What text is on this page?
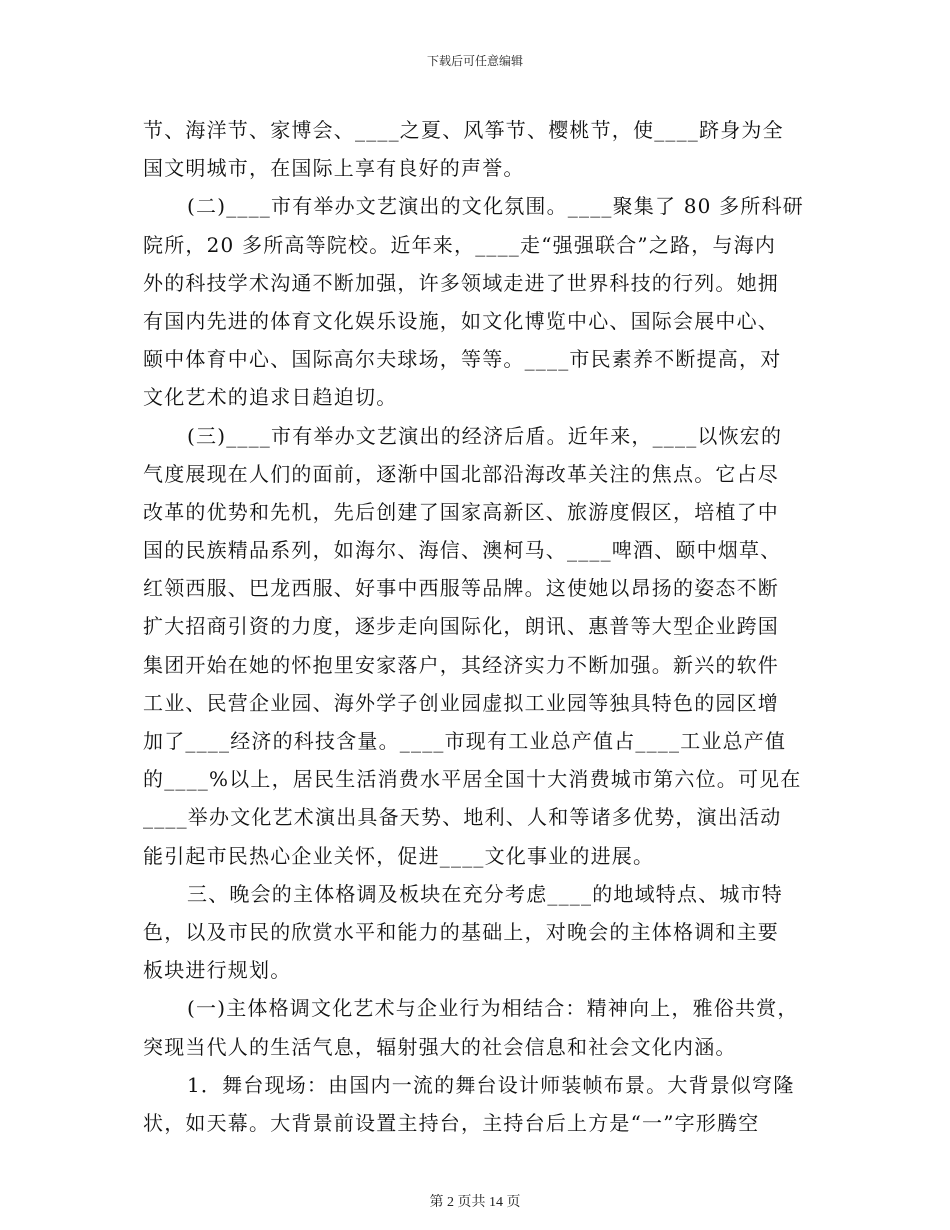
下载后可任意编辑
节、海洋节、家博会、____之夏、风筝节、樱桃节，使____跻身为全
国文明城市，在国际上享有良好的声誉。
(二)____市有举办文艺演出的文化氛围。____聚集了 80 多所科研
院所，20 多所高等院校。近年来，____走“强强联合”之路，与海内
外的科技学术沟通不断加强，许多领域走进了世界科技的行列。她拥
有国内先进的体育文化娱乐设施，如文化博览中心、国际会展中心、
颐中体育中心、国际高尔夫球场，等等。____市民素养不断提高，对
文化艺术的追求日趋迫切。
(三)____市有举办文艺演出的经济后盾。近年来，____以恢宏的
气度展现在人们的面前，逐渐中国北部沿海改革关注的焦点。它占尽
改革的优势和先机，先后创建了国家高新区、旅游度假区，培植了中
国的民族精品系列，如海尔、海信、澳柯马、____啤酒、颐中烟草、
红领西服、巴龙西服、好事中西服等品牌。这使她以昂扬的姿态不断
扩大招商引资的力度，逐步走向国际化，朗讯、惠普等大型企业跨国
集团开始在她的怀抱里安家落户，其经济实力不断加强。新兴的软件
工业、民营企业园、海外学子创业园虚拟工业园等独具特色的园区增
加了____经济的科技含量。____市现有工业总产值占____工业总产值
的____%以上，居民生活消费水平居全国十大消费城市第六位。可见在
____举办文化艺术演出具备天势、地利、人和等诸多优势，演出活动
能引起市民热心企业关怀，促进____文化事业的进展。
三、晚会的主体格调及板块在充分考虑____的地域特点、城市特
色，以及市民的欣赏水平和能力的基础上，对晚会的主体格调和主要
板块进行规划。
(一)主体格调文化艺术与企业行为相结合：精神向上，雅俗共赏，
突现当代人的生活气息，辐射强大的社会信息和社会文化内涵。
1．舞台现场：由国内一流的舞台设计师装帧布景。大背景似穹隆
状，如天幕。大背景前设置主持台，主持台后上方是“一”字形腾空
第 2 页共 14 页
